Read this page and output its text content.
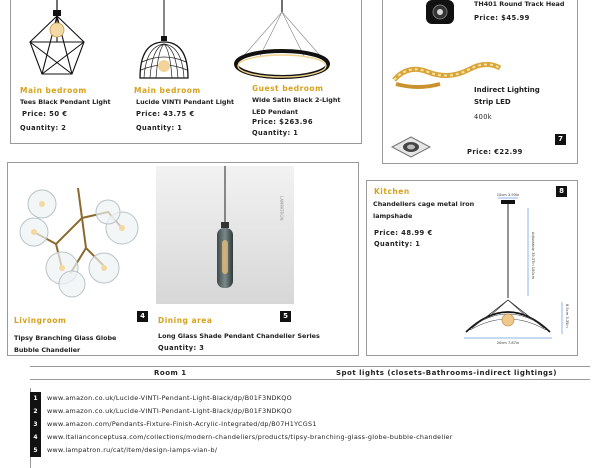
Main bedroom
Tees Black Pendant Light
Price: 50 €
Quantity: 2
Main bedroom
Lucide VINTI Pendant Light
Price: 43.75 €
Quantity: 1
Guest bedroom
Wide Satin Black 2-Light
LED Pendant
Price: $263.96
Quantity: 1
TH401 Round Track Head
Price: $45.99
Indirect Lighting
Strip LED
400k
7
Price: €22.99
LAMPATRON
Livingroom	4
Tipsy Branching Glass Globe
Bubble Chandelier
Dining area	5
Long Glass Shade Pendant Chandelier Series
Quantity: 3
Kitchen	8
Chandeliers cage metal iron
lampshade
Price: 48.99 €
Quantity: 1
10cm 3.93in
Adjustable 39.37in 100cm
20cm 7.87in
8.5cm 3.35in
Room 1	Spot lights (closets-Bathrooms-indirect lightings)
1	www.amazon.co.uk/Lucide-VINTI-Pendant-Light-Black/dp/B01F3NDKQO
2	www.amazon.co.uk/Lucide-VINTI-Pendant-Light-Black/dp/B01F3NDKQO
3	www.amazon.com/Pendants-Fixture-Finish-Acrylic-Integrated/dp/B07H1YCGS1
4	www.italianconceptusa.com/collections/modern-chandeliers/products/tipsy-branching-glass-globe-bubble-chandelier
5	www.lampatron.ru/cat/item/design-lamps-vian-b/
